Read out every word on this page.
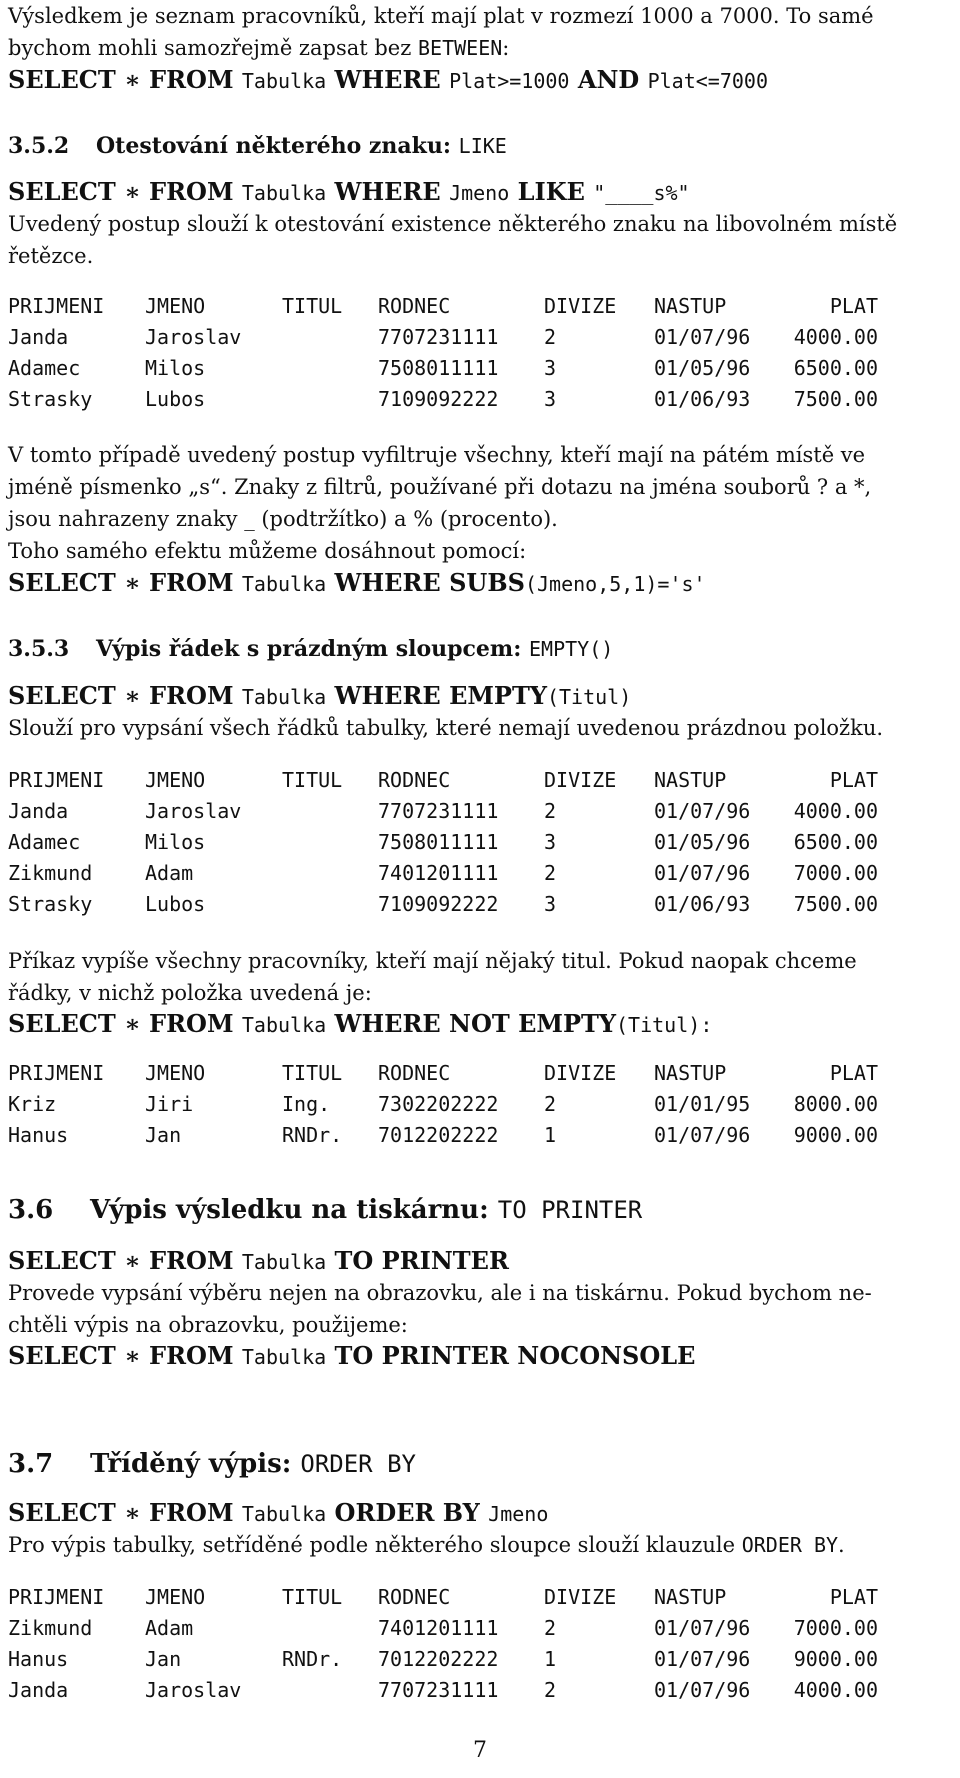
Výsledkem je seznam pracovníků, kteří mají plat v rozmezí 1000 a 7000. To samé
bychom mohli samozřejmě zapsat bez BETWEEN:
SELECT ∗ FROM Tabulka WHERE Plat>=1000 AND Plat<=7000
3.5.2 Otestování některého znaku: LIKE
SELECT ∗ FROM Tabulka WHERE Jmeno LIKE "____s%"
Uvedený postup slouží k otestování existence některého znaku na libovolném místě
řetězce.
PRIJMENI	JMENO	TITUL	RODNEC	DIVIZE	NASTUP	PLAT
Janda	Jaroslav		7707231111	2	01/07/96	4000.00
Adamec	Milos		7508011111	3	01/05/96	6500.00
Strasky	Lubos		7109092222	3	01/06/93	7500.00
V tomto případě uvedený postup vyfiltruje všechny, kteří mají na pátém místě ve
jméně písmenko „s“. Znaky z filtrů, používané při dotazu na jména souborů ? a *,
jsou nahrazeny znaky _ (podtržítko) a % (procento).
Toho samého efektu můžeme dosáhnout pomocí:
SELECT ∗ FROM Tabulka WHERE SUBS(Jmeno,5,1)='s'
3.5.3 Výpis řádek s prázdným sloupcem: EMPTY()
SELECT ∗ FROM Tabulka WHERE EMPTY(Titul)
Slouží pro vypsání všech řádků tabulky, které nemají uvedenou prázdnou položku.
PRIJMENI	JMENO	TITUL	RODNEC	DIVIZE	NASTUP	PLAT
Janda	Jaroslav		7707231111	2	01/07/96	4000.00
Adamec	Milos		7508011111	3	01/05/96	6500.00
Zikmund	Adam		7401201111	2	01/07/96	7000.00
Strasky	Lubos		7109092222	3	01/06/93	7500.00
Příkaz vypíše všechny pracovníky, kteří mají nějaký titul. Pokud naopak chceme
řádky, v nichž položka uvedená je:
SELECT ∗ FROM Tabulka WHERE NOT EMPTY(Titul):
PRIJMENI	JMENO	TITUL	RODNEC	DIVIZE	NASTUP	PLAT
Kriz	Jiri	Ing.	7302202222	2	01/01/95	8000.00
Hanus	Jan	RNDr.	7012202222	1	01/07/96	9000.00
3.6 Výpis výsledku na tiskárnu: TO PRINTER
SELECT ∗ FROM Tabulka TO PRINTER
Provede vypsání výběru nejen na obrazovku, ale i na tiskárnu. Pokud bychom ne-
chtěli výpis na obrazovku, použijeme:
SELECT ∗ FROM Tabulka TO PRINTER NOCONSOLE
3.7 Tříděný výpis: ORDER BY
SELECT ∗ FROM Tabulka ORDER BY Jmeno
Pro výpis tabulky, setříděné podle některého sloupce slouží klauzule ORDER BY.
PRIJMENI	JMENO	TITUL	RODNEC	DIVIZE	NASTUP	PLAT
Zikmund	Adam		7401201111	2	01/07/96	7000.00
Hanus	Jan	RNDr.	7012202222	1	01/07/96	9000.00
Janda	Jaroslav		7707231111	2	01/07/96	4000.00
7
